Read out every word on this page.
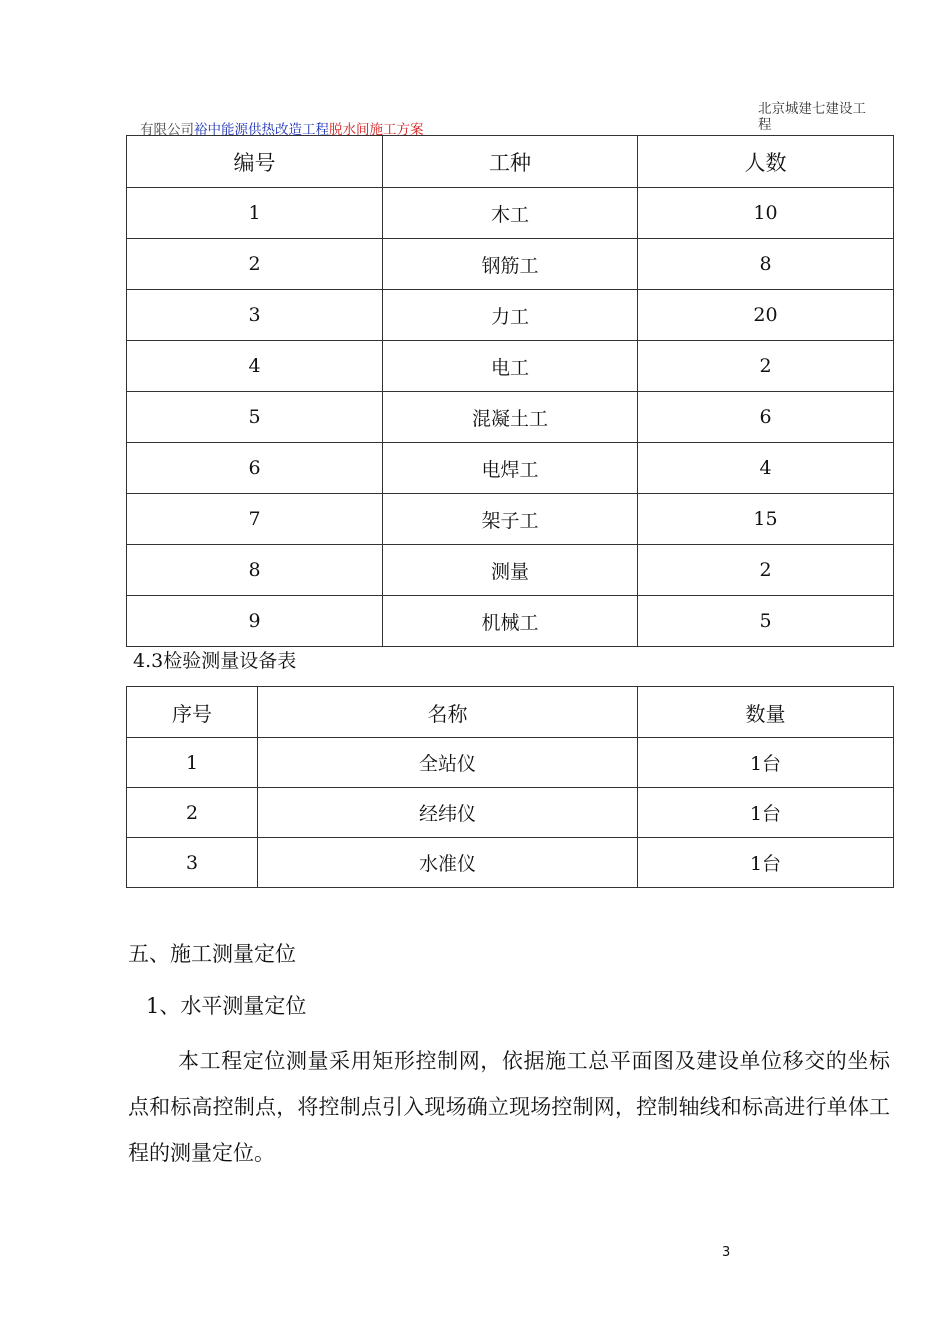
有限公司裕中能源供热改造工程脱水间施工方案
北京城建七建设工程
编号	工种	人数
1	木工	10
2	钢筋工	8
3	力工	20
4	电工	2
5	混凝土工	6
6	电焊工	4
7	架子工	15
8	测量	2
9	机械工	5
4.3检验测量设备表
序号	名称	数量
1	全站仪	1台
2	经纬仪	1台
3	水准仪	1台
五、施工测量定位
1、水平测量定位
本工程定位测量采用矩形控制网，依据施工总平面图及建设单位移交的坐标点和标高控制点，将控制点引入现场确立现场控制网，控制轴线和标高进行单体工程的测量定位。
3
